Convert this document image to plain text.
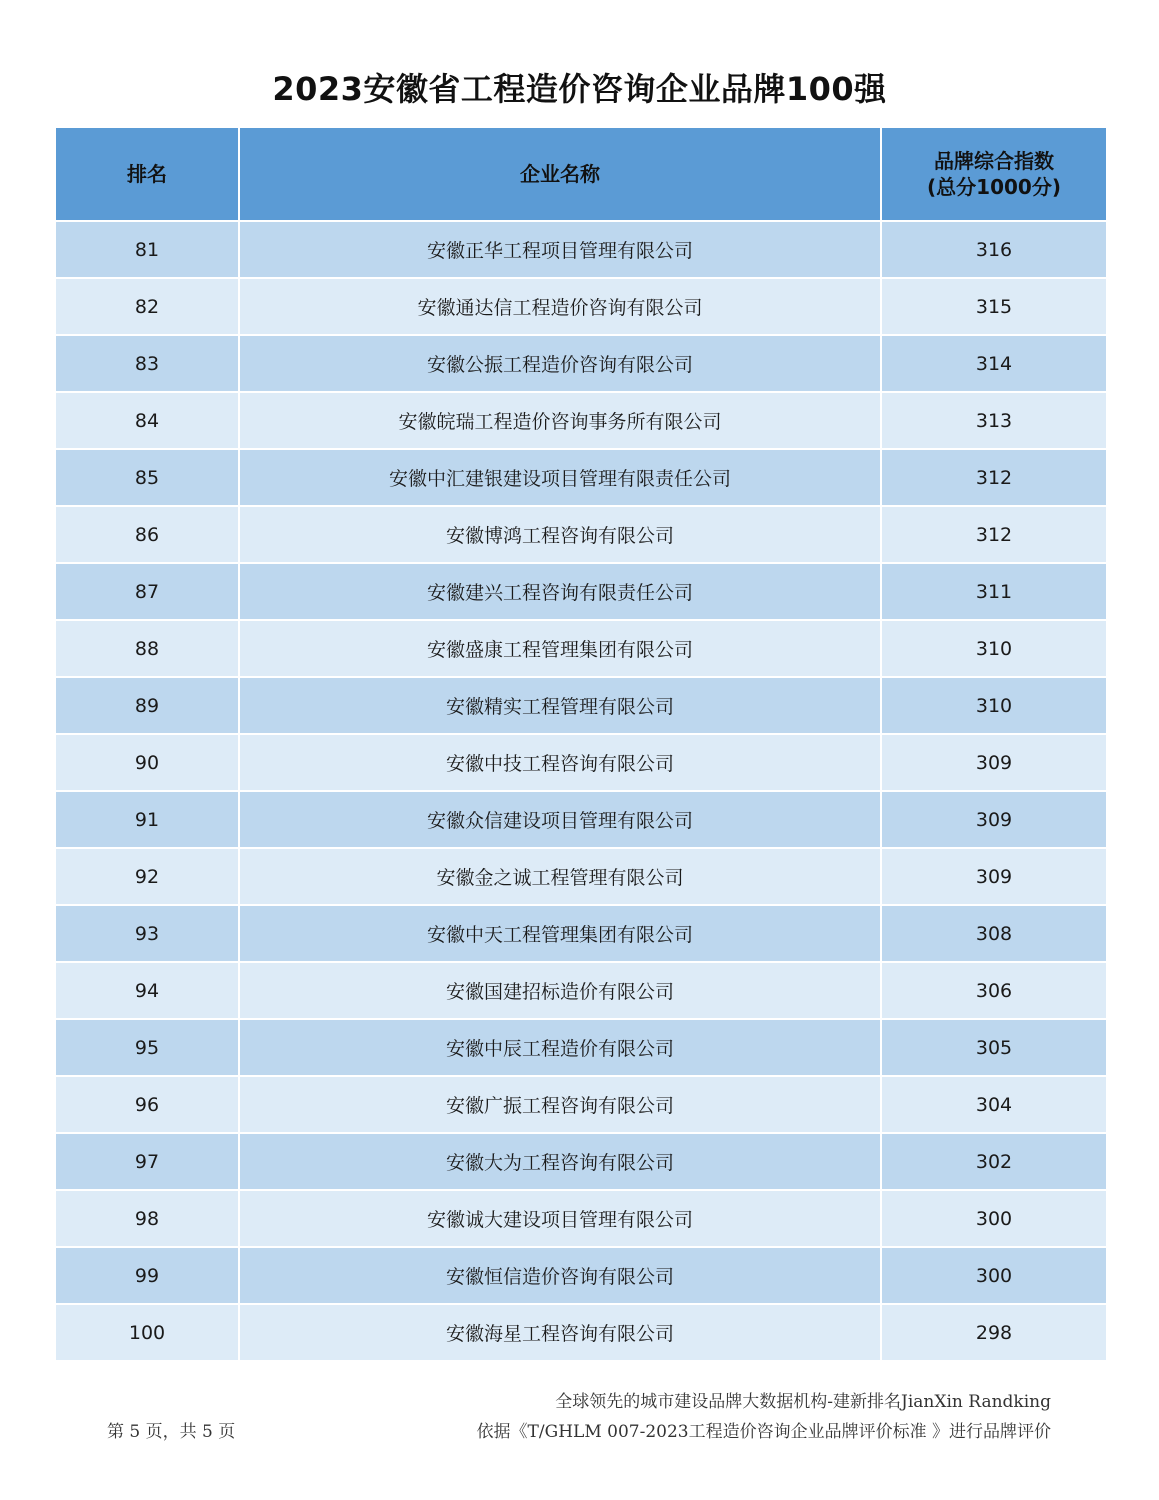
2023安徽省工程造价咨询企业品牌100强
排名	企业名称	品牌综合指数
(总分1000分)

81	安徽正华工程项目管理有限公司	316
82	安徽通达信工程造价咨询有限公司	315
83	安徽公振工程造价咨询有限公司	314
84	安徽皖瑞工程造价咨询事务所有限公司	313
85	安徽中汇建银建设项目管理有限责任公司	312
86	安徽博鸿工程咨询有限公司	312
87	安徽建兴工程咨询有限责任公司	311
88	安徽盛康工程管理集团有限公司	310
89	安徽精实工程管理有限公司	310
90	安徽中技工程咨询有限公司	309
91	安徽众信建设项目管理有限公司	309
92	安徽金之诚工程管理有限公司	309
93	安徽中天工程管理集团有限公司	308
94	安徽国建招标造价有限公司	306
95	安徽中辰工程造价有限公司	305
96	安徽广振工程咨询有限公司	304
97	安徽大为工程咨询有限公司	302
98	安徽诚大建设项目管理有限公司	300
99	安徽恒信造价咨询有限公司	300
100	安徽海星工程咨询有限公司	298
全球领先的城市建设品牌大数据机构-建新排名JianXin Randking
第 5 页，共 5 页	依据《T/GHLM 007-2023工程造价咨询企业品牌评价标准 》进行品牌评价
